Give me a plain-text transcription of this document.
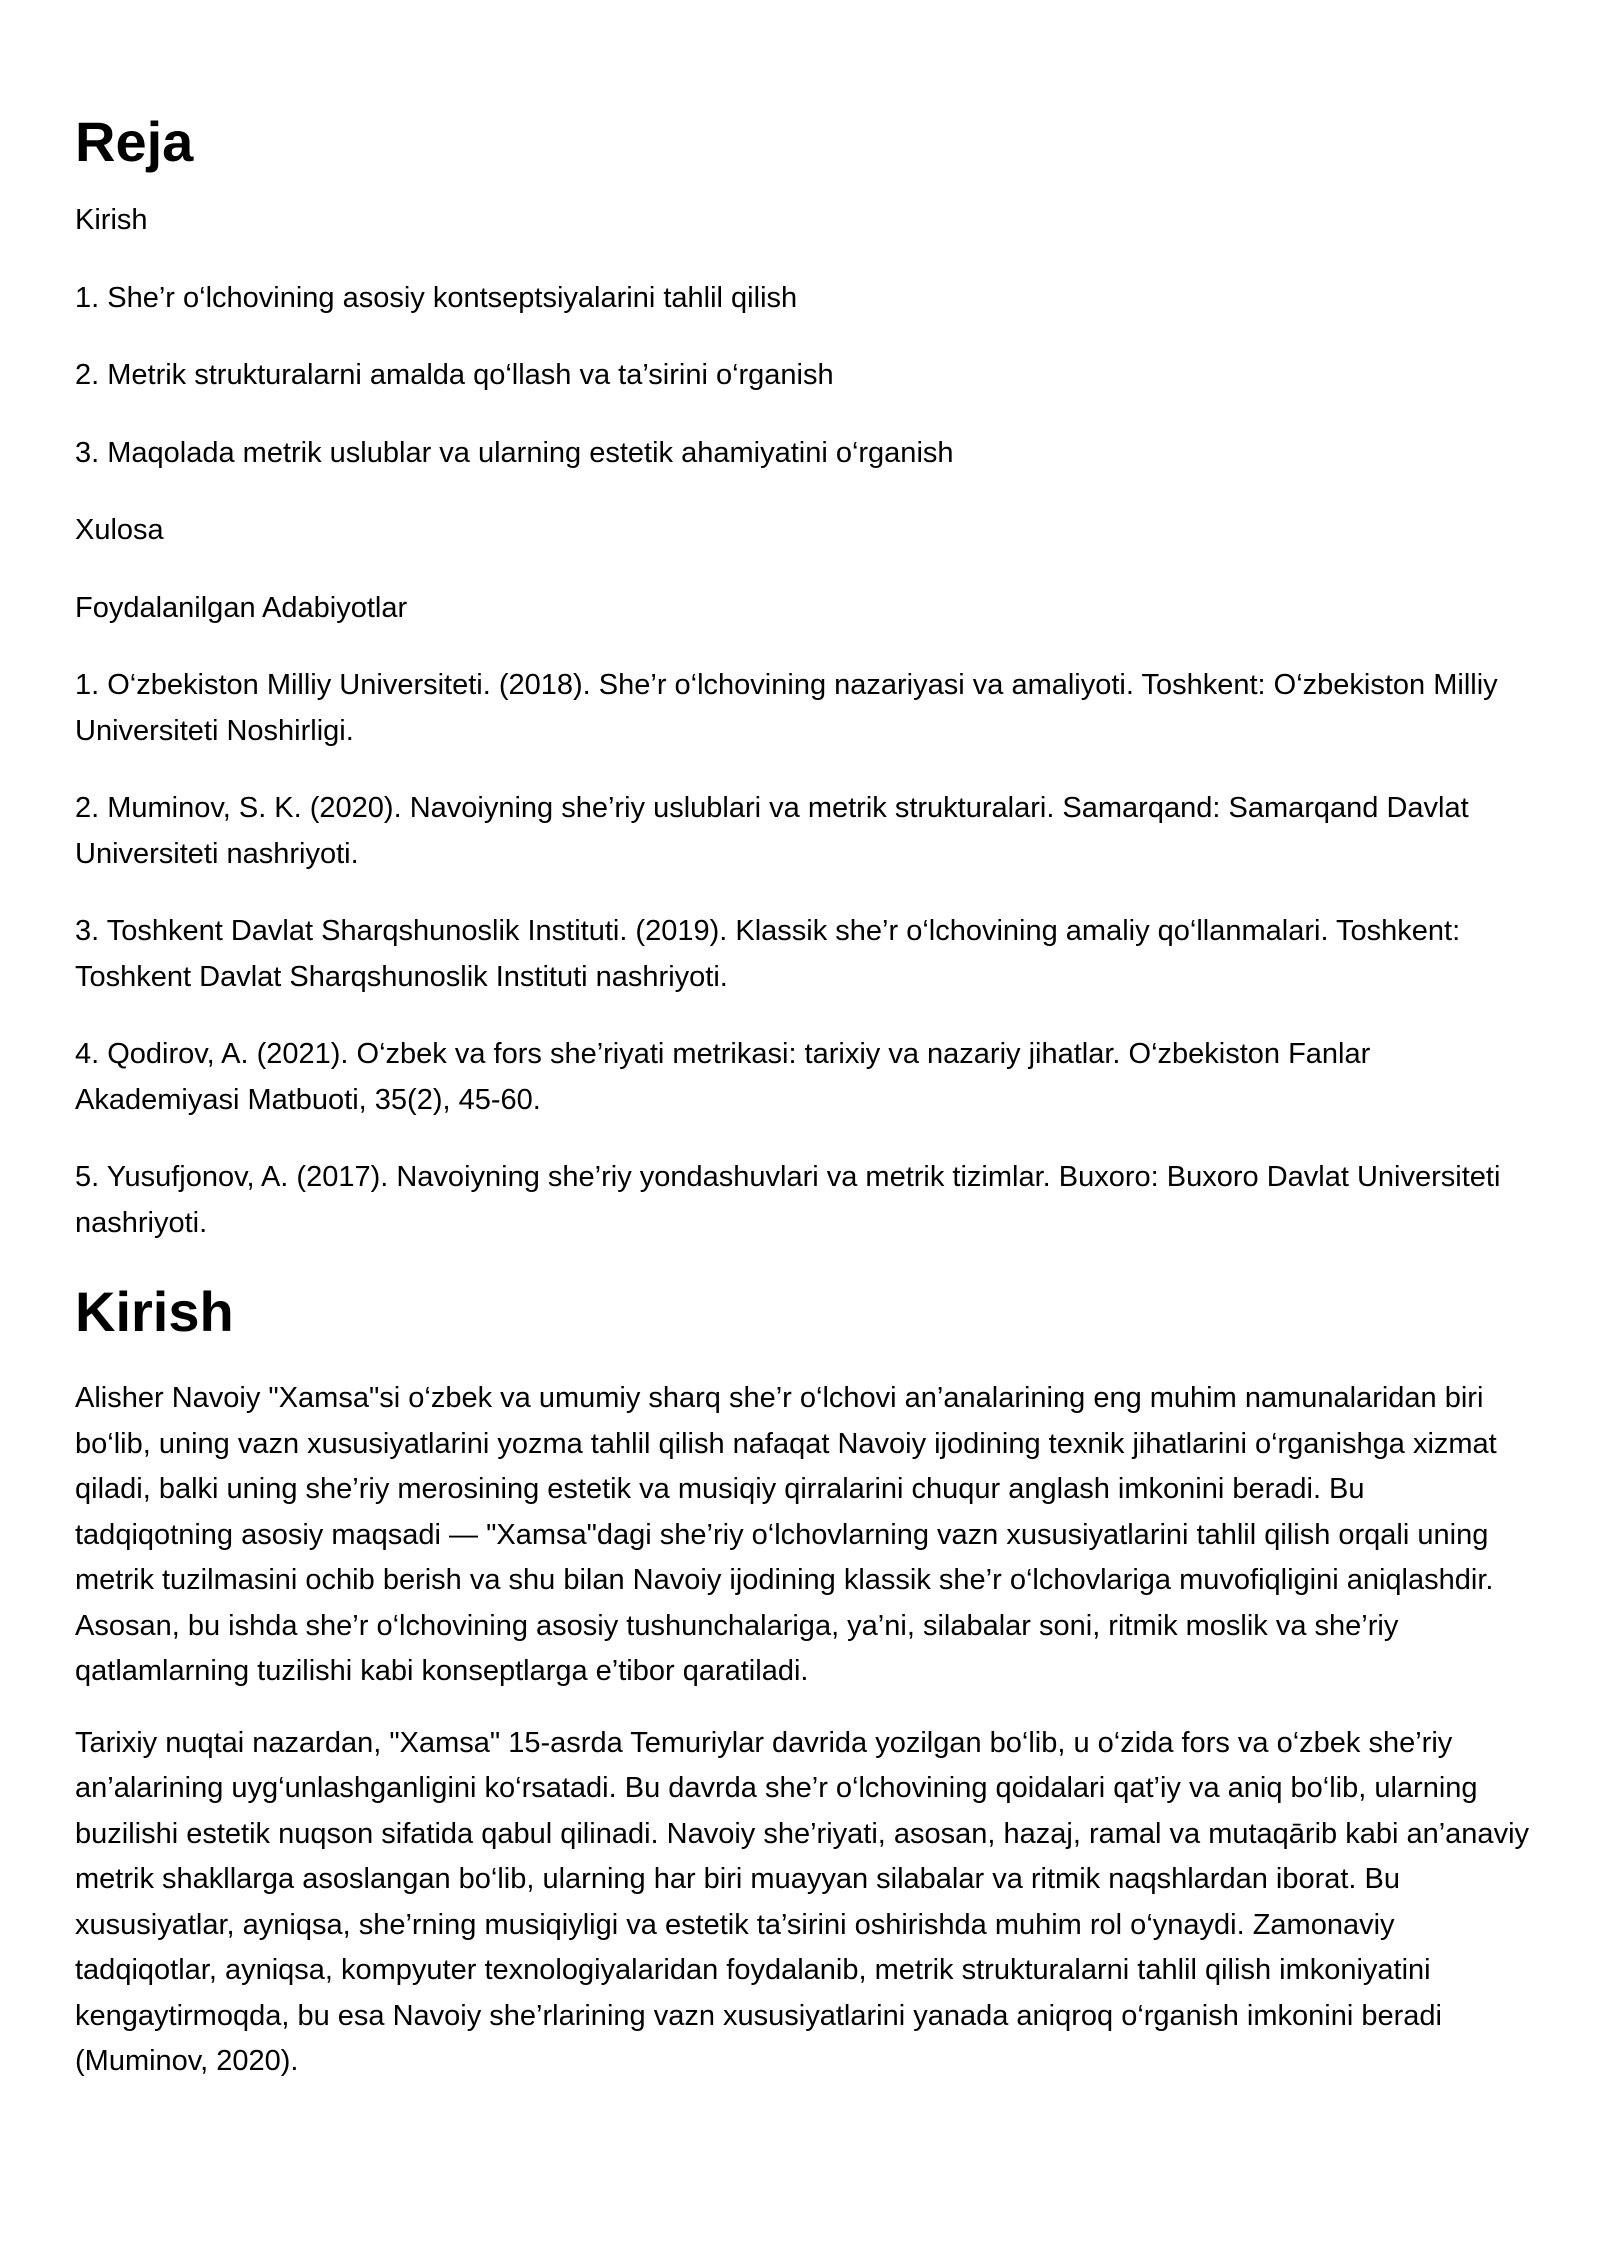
Reja

Kirish

1. She’r o‘lchovining asosiy kontseptsiyalarini tahlil qilish

2. Metrik strukturalarni amalda qo‘llash va ta’sirini o‘rganish

3. Maqolada metrik uslublar va ularning estetik ahamiyatini o‘rganish

Xulosa

Foydalanilgan Adabiyotlar

1. O‘zbekiston Milliy Universiteti. (2018). She’r o‘lchovining nazariyasi va amaliyoti. Toshkent: O‘zbekiston Milliy Universiteti Noshirligi.

2. Muminov, S. K. (2020). Navoiyning she’riy uslublari va metrik strukturalari. Samarqand: Samarqand Davlat Universiteti nashriyoti.

3. Toshkent Davlat Sharqshunoslik Instituti. (2019). Klassik she’r o‘lchovining amaliy qo‘llanmalari. Toshkent: Toshkent Davlat Sharqshunoslik Instituti nashriyoti.

4. Qodirov, A. (2021). O‘zbek va fors she’riyati metrikasi: tarixiy va nazariy jihatlar. O‘zbekiston Fanlar Akademiyasi Matbuoti, 35(2), 45-60.

5. Yusufjonov, A. (2017). Navoiyning she’riy yondashuvlari va metrik tizimlar. Buxoro: Buxoro Davlat Universiteti nashriyoti.

Kirish

Alisher Navoiy "Xamsa"si o‘zbek va umumiy sharq she’r o‘lchovi an’analarining eng muhim namunalaridan biri bo‘lib, uning vazn xususiyatlarini yozma tahlil qilish nafaqat Navoiy ijodining texnik jihatlarini o‘rganishga xizmat qiladi, balki uning she’riy merosining estetik va musiqiy qirralarini chuqur anglash imkonini beradi. Bu tadqiqotning asosiy maqsadi — "Xamsa"dagi she’riy o‘lchovlarning vazn xususiyatlarini tahlil qilish orqali uning metrik tuzilmasini ochib berish va shu bilan Navoiy ijodining klassik she’r o‘lchovlariga muvofiqligini aniqlashdir. Asosan, bu ishda she’r o‘lchovining asosiy tushunchalariga, ya’ni, silabalar soni, ritmik moslik va she’riy qatlamlarning tuzilishi kabi konseptlarga e’tibor qaratiladi.

Tarixiy nuqtai nazardan, "Xamsa" 15-asrda Temuriylar davrida yozilgan bo‘lib, u o‘zida fors va o‘zbek she’riy an’alarining uyg‘unlashganligini ko‘rsatadi. Bu davrda she’r o‘lchovining qoidalari qat’iy va aniq bo‘lib, ularning buzilishi estetik nuqson sifatida qabul qilinadi. Navoiy she’riyati, asosan, hazaj, ramal va mutaqārib kabi an’anaviy metrik shakllarga asoslangan bo‘lib, ularning har biri muayyan silabalar va ritmik naqshlardan iborat. Bu xususiyatlar, ayniqsa, she’rning musiqiyligi va estetik ta’sirini oshirishda muhim rol o‘ynaydi. Zamonaviy tadqiqotlar, ayniqsa, kompyuter texnologiyalaridan foydalanib, metrik strukturalarni tahlil qilish imkoniyatini kengaytirmoqda, bu esa Navoiy she’rlarining vazn xususiyatlarini yanada aniqroq o‘rganish imkonini beradi (Muminov, 2020).
